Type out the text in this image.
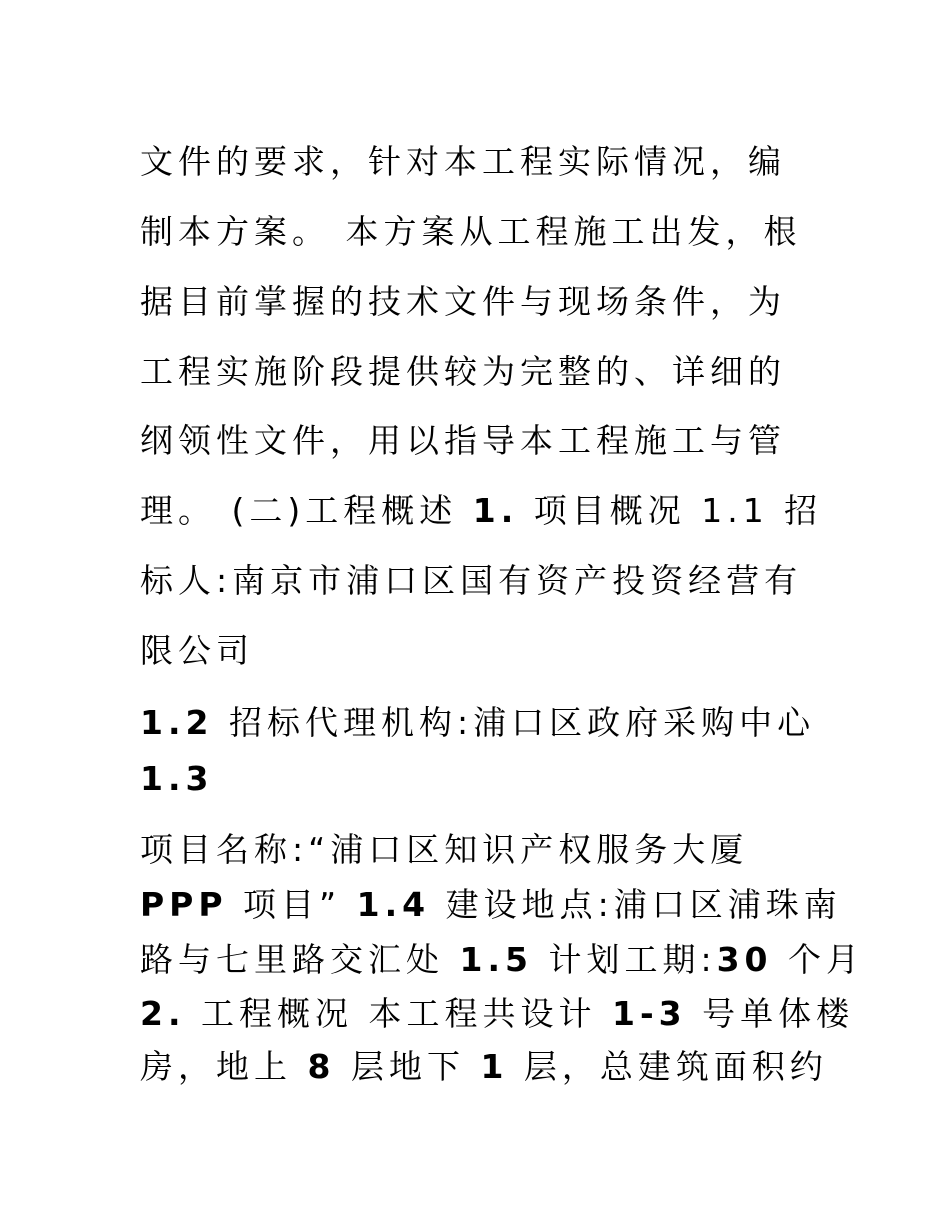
文件的要求，针对本工程实际情况，编
制本方案。 本方案从工程施工出发，根
据目前掌握的技术文件与现场条件，为
工程实施阶段提供较为完整的、详细的
纲领性文件，用以指导本工程施工与管
理。 (二)工程概述 1. 项目概况 1.1 招
标人:南京市浦口区国有资产投资经营有
限公司
1.2 招标代理机构:浦口区政府采购中心
1.3
项目名称:“浦口区知识产权服务大厦
PPP 项目” 1.4 建设地点:浦口区浦珠南
路与七里路交汇处 1.5 计划工期:30 个月
2. 工程概况 本工程共设计 1-3 号单体楼
房，地上 8 层地下 1 层，总建筑面积约
